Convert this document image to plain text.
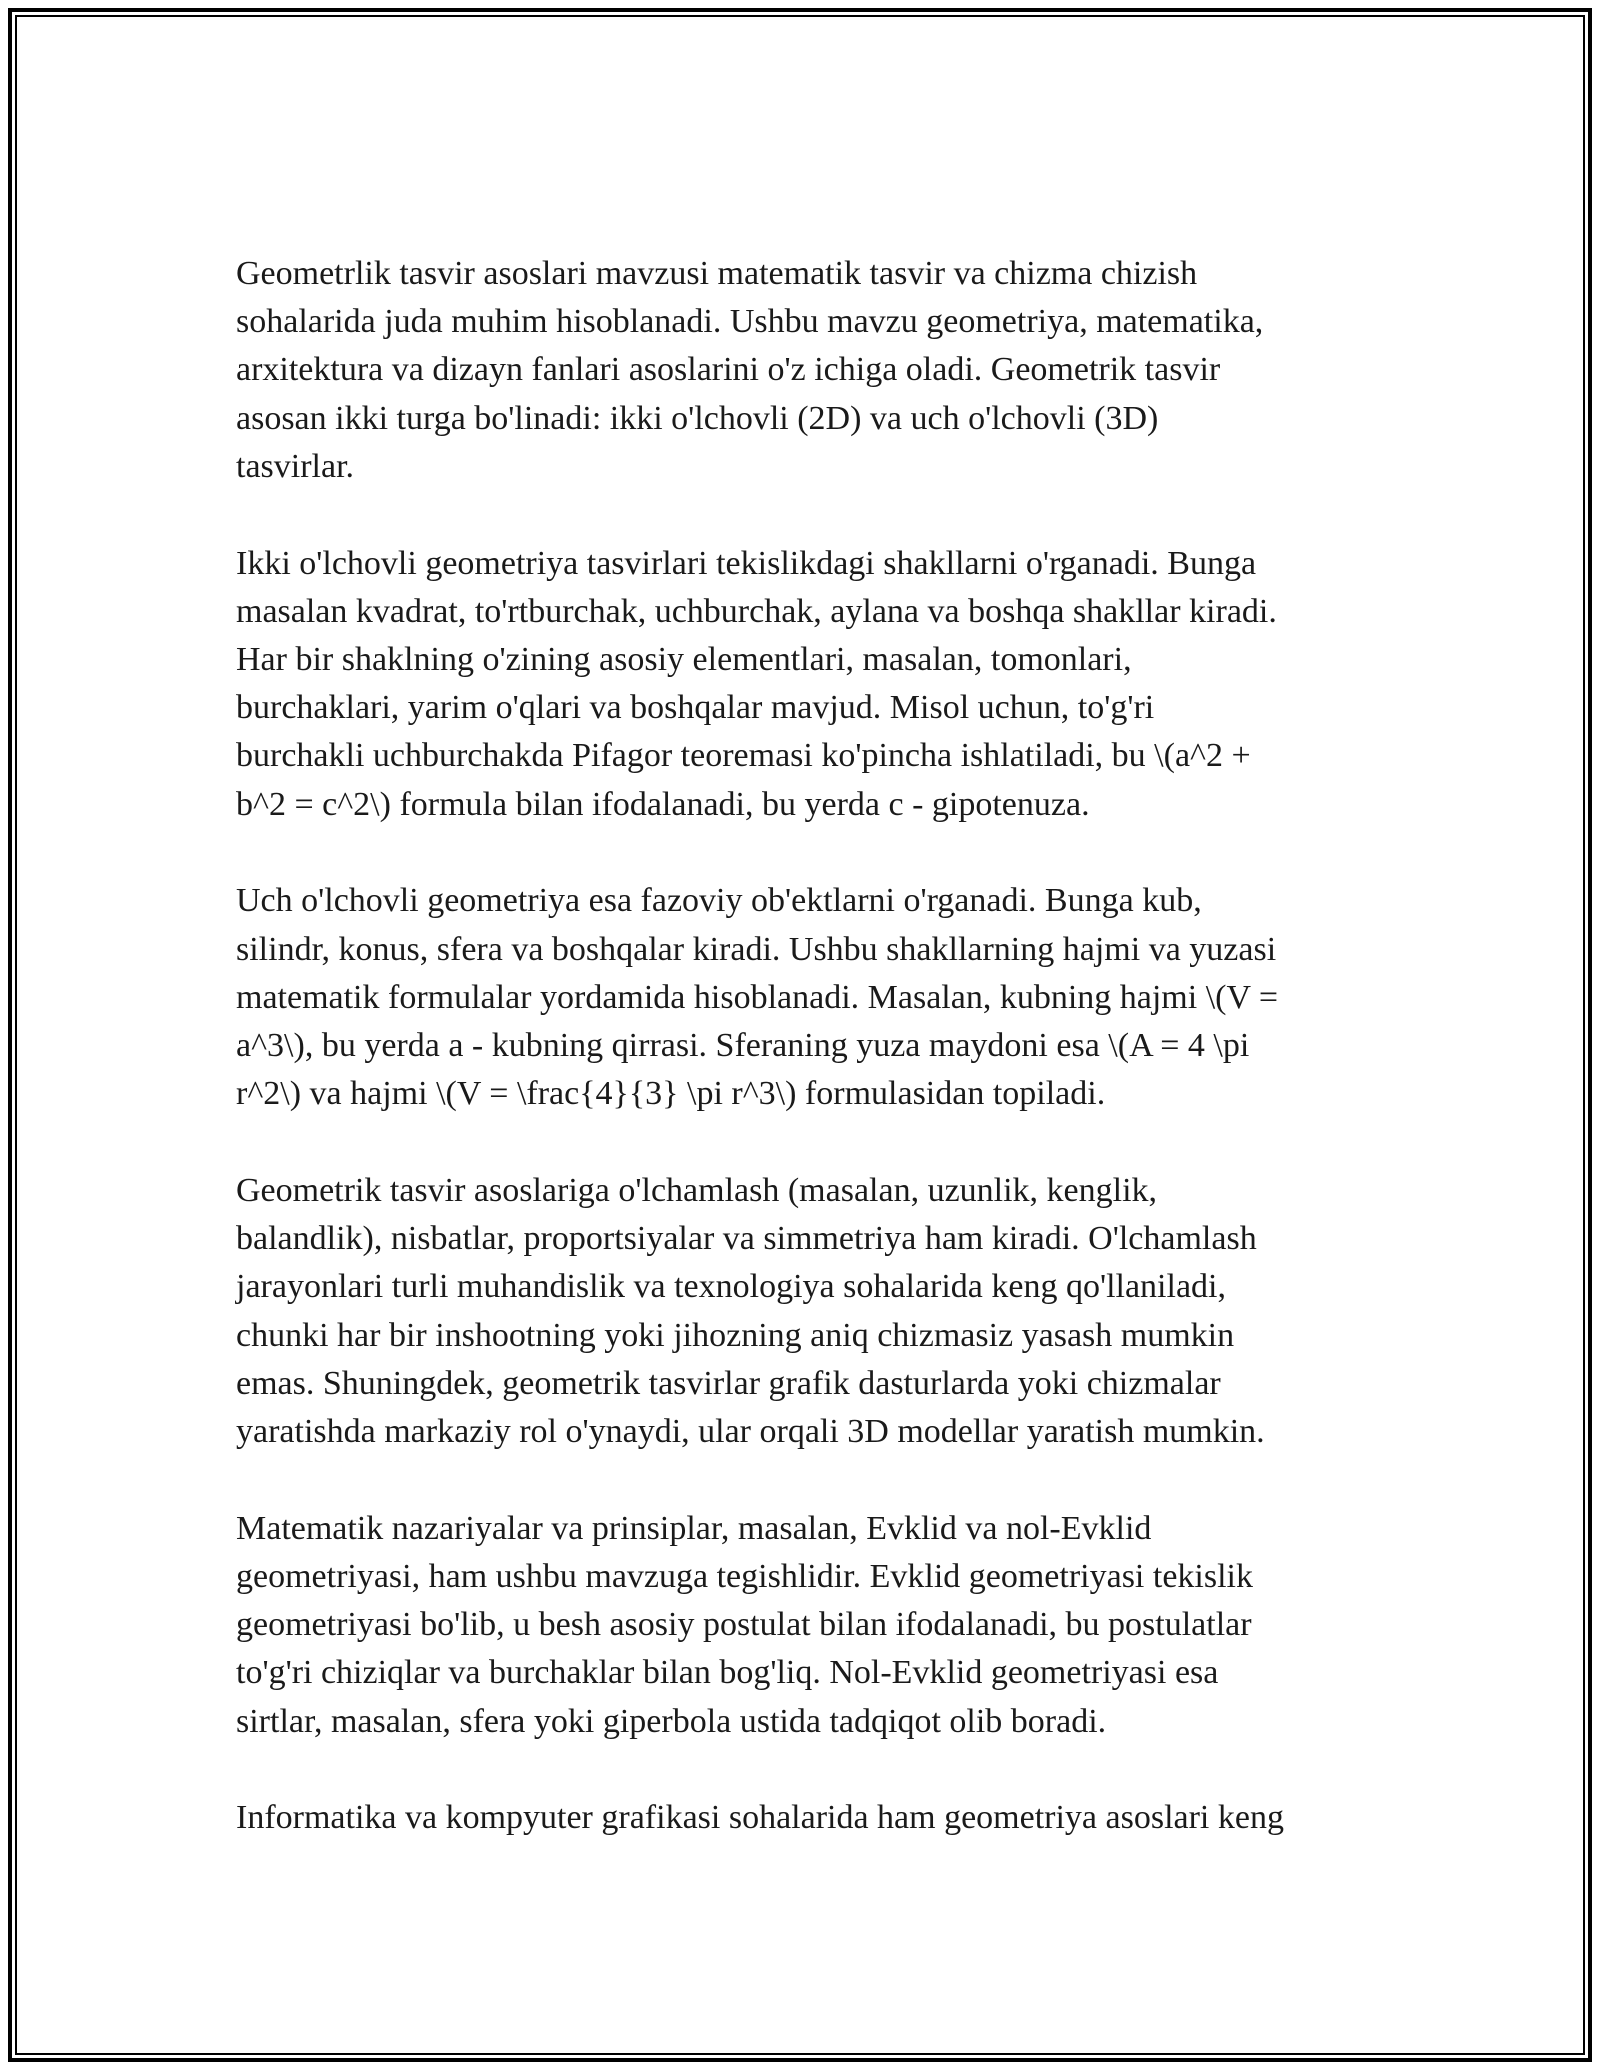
Geometrlik tasvir asoslari mavzusi matematik tasvir va chizma chizish
sohalarida juda muhim hisoblanadi. Ushbu mavzu geometriya, matematika,
arxitektura va dizayn fanlari asoslarini o'z ichiga oladi. Geometrik tasvir
asosan ikki turga bo'linadi: ikki o'lchovli (2D) va uch o'lchovli (3D)
tasvirlar.

Ikki o'lchovli geometriya tasvirlari tekislikdagi shakllarni o'rganadi. Bunga
masalan kvadrat, to'rtburchak, uchburchak, aylana va boshqa shakllar kiradi.
Har bir shaklning o'zining asosiy elementlari, masalan, tomonlari,
burchaklari, yarim o'qlari va boshqalar mavjud. Misol uchun, to'g'ri
burchakli uchburchakda Pifagor teoremasi ko'pincha ishlatiladi, bu \(a^2 +
b^2 = c^2\) formula bilan ifodalanadi, bu yerda c - gipotenuza.

Uch o'lchovli geometriya esa fazoviy ob'ektlarni o'rganadi. Bunga kub,
silindr, konus, sfera va boshqalar kiradi. Ushbu shakllarning hajmi va yuzasi
matematik formulalar yordamida hisoblanadi. Masalan, kubning hajmi \(V =
a^3\), bu yerda a - kubning qirrasi. Sferaning yuza maydoni esa \(A = 4 \pi
r^2\) va hajmi \(V = \frac{4}{3} \pi r^3\) formulasidan topiladi.

Geometrik tasvir asoslariga o'lchamlash (masalan, uzunlik, kenglik,
balandlik), nisbatlar, proportsiyalar va simmetriya ham kiradi. O'lchamlash
jarayonlari turli muhandislik va texnologiya sohalarida keng qo'llaniladi,
chunki har bir inshootning yoki jihozning aniq chizmasiz yasash mumkin
emas. Shuningdek, geometrik tasvirlar grafik dasturlarda yoki chizmalar
yaratishda markaziy rol o'ynaydi, ular orqali 3D modellar yaratish mumkin.

Matematik nazariyalar va prinsiplar, masalan, Evklid va nol-Evklid
geometriyasi, ham ushbu mavzuga tegishlidir. Evklid geometriyasi tekislik
geometriyasi bo'lib, u besh asosiy postulat bilan ifodalanadi, bu postulatlar
to'g'ri chiziqlar va burchaklar bilan bog'liq. Nol-Evklid geometriyasi esa
sirtlar, masalan, sfera yoki giperbola ustida tadqiqot olib boradi.

Informatika va kompyuter grafikasi sohalarida ham geometriya asoslari keng
